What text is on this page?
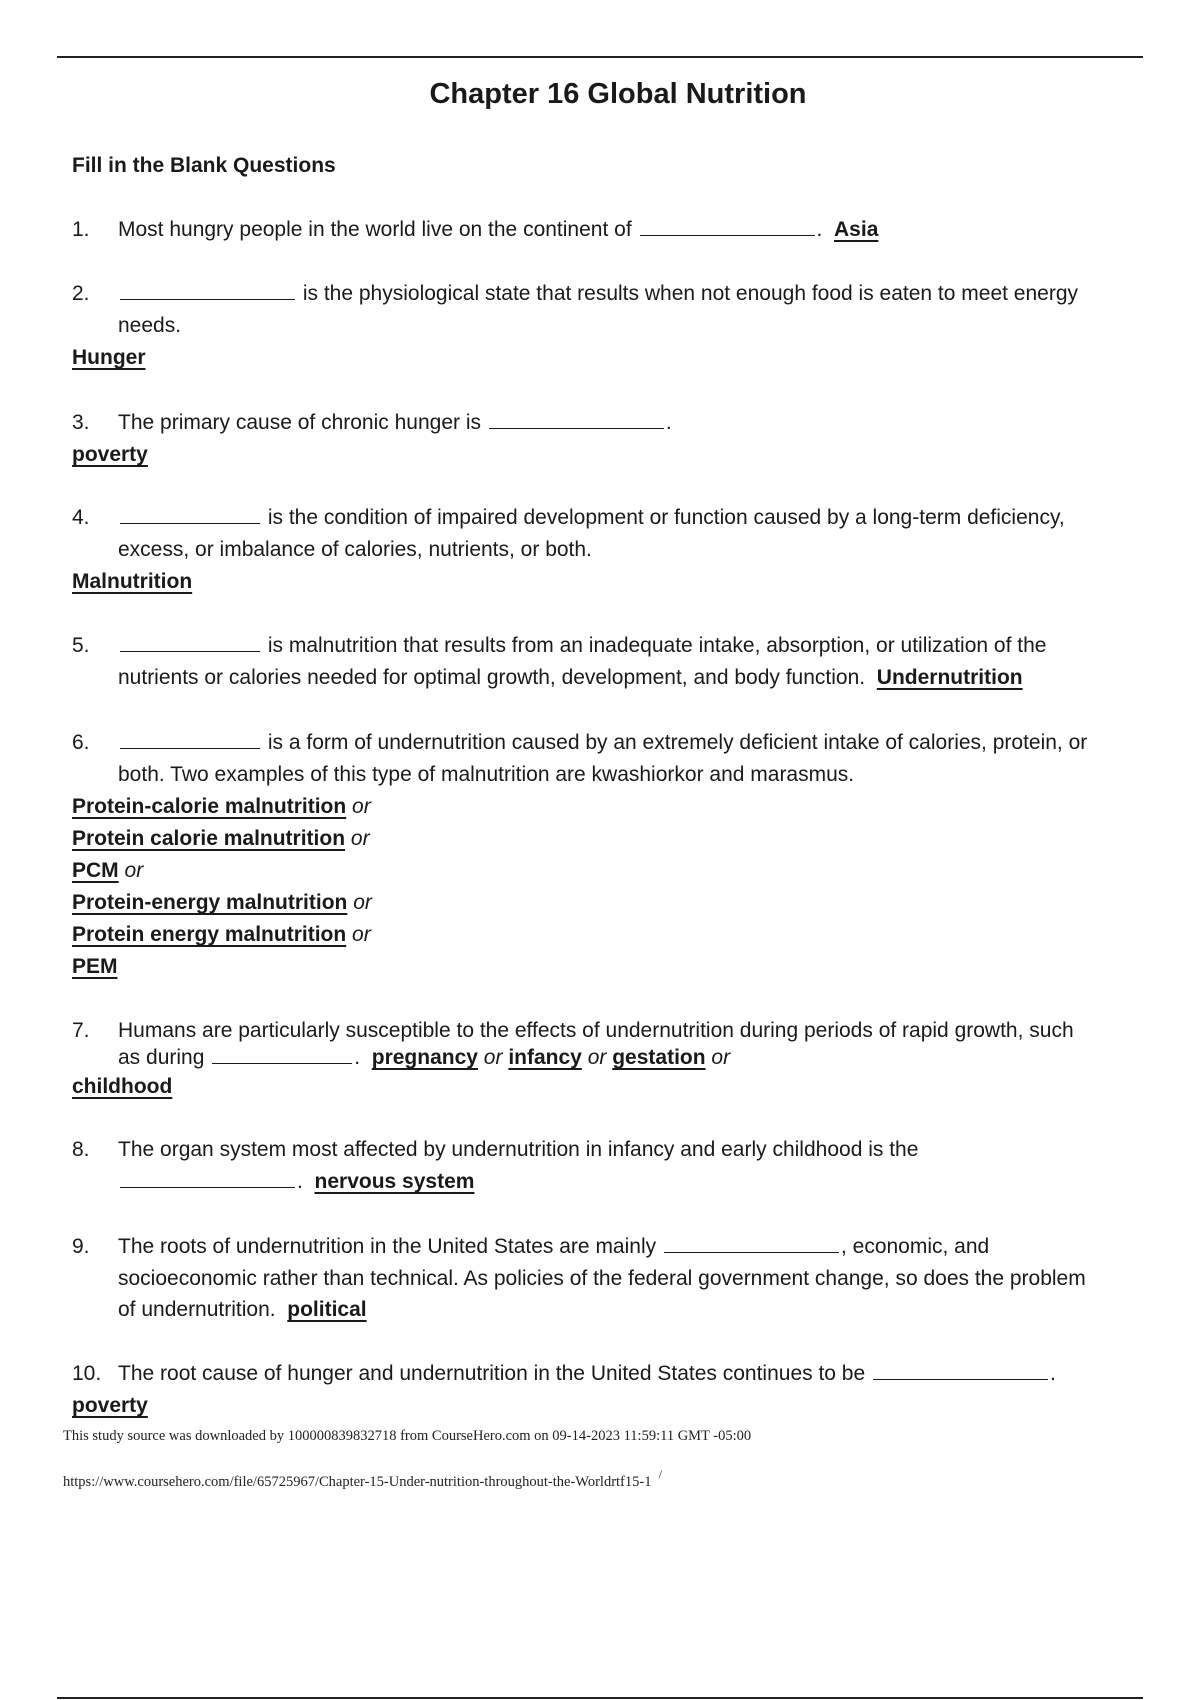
Chapter 16 Global Nutrition
Fill in the Blank Questions
1. Most hungry people in the world live on the continent of	. Asia
2.	is the physiological state that results when not enough food is eaten to meet energy
needs.
Hunger
3. The primary cause of chronic hunger is	.
poverty
4.	is the condition of impaired development or function caused by a long-term deficiency,
excess, or imbalance of calories, nutrients, or both.
Malnutrition
5.	is malnutrition that results from an inadequate intake, absorption, or utilization of the
nutrients or calories needed for optimal growth, development, and body function. Undernutrition
6.	is a form of undernutrition caused by an extremely deficient intake of calories, protein, or
both. Two examples of this type of malnutrition are kwashiorkor and marasmus.
Protein-calorie malnutrition or
Protein calorie malnutrition or
PCM or
Protein-energy malnutrition or
Protein energy malnutrition or
PEM
7. Humans are particularly susceptible to the effects of undernutrition during periods of rapid growth, such
as during	. pregnancy or infancy or gestation or
childhood
8. The organ system most affected by undernutrition in infancy and early childhood is the
. nervous system
9. The roots of undernutrition in the United States are mainly	, economic, and
socioeconomic rather than technical. As policies of the federal government change, so does the problem
of undernutrition. political
10. The root cause of hunger and undernutrition in the United States continues to be	.
poverty
This study source was downloaded by 100000839832718 from CourseHero.com on 09-14-2023 11:59:11 GMT -05:00
https://www.coursehero.com/file/65725967/Chapter-15-Under-nutrition-throughout-the-Worldrtf15-1 /
